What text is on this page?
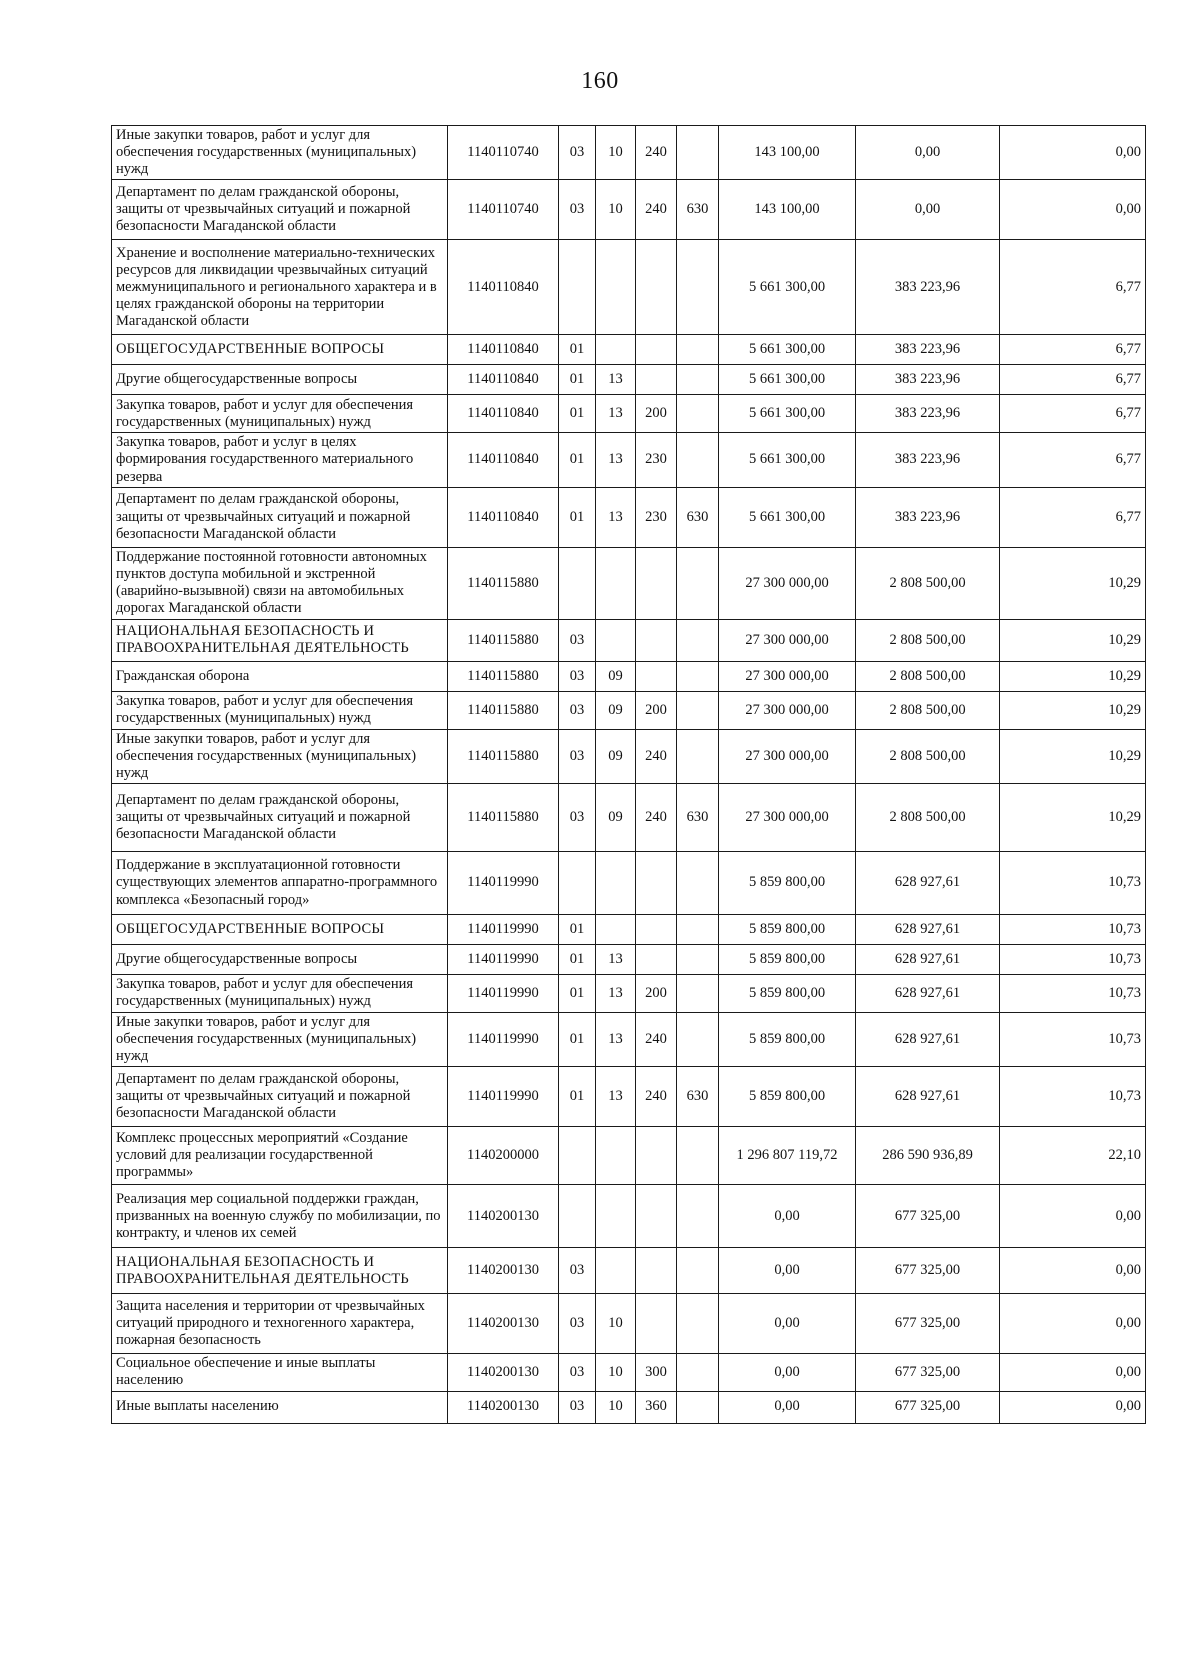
160
Иные закупки товаров, работ и услуг для обеспечения государственных (муниципальных) нужд	1140110740	03	10	240		143 100,00	0,00	0,00
Департамент по делам гражданской обороны, защиты от чрезвычайных ситуаций и пожарной безопасности Магаданской области	1140110740	03	10	240	630	143 100,00	0,00	0,00
Хранение и восполнение материально-технических ресурсов для ликвидации чрезвычайных ситуаций межмуниципального и регионального характера и в целях гражданской обороны на территории Магаданской области	1140110840					5 661 300,00	383 223,96	6,77
ОБЩЕГОСУДАРСТВЕННЫЕ ВОПРОСЫ	1140110840	01				5 661 300,00	383 223,96	6,77
Другие общегосударственные вопросы	1140110840	01	13			5 661 300,00	383 223,96	6,77
Закупка товаров, работ и услуг для обеспечения государственных (муниципальных) нужд	1140110840	01	13	200		5 661 300,00	383 223,96	6,77
Закупка товаров, работ и услуг в целях формирования государственного материального резерва	1140110840	01	13	230		5 661 300,00	383 223,96	6,77
Департамент по делам гражданской обороны, защиты от чрезвычайных ситуаций и пожарной безопасности Магаданской области	1140110840	01	13	230	630	5 661 300,00	383 223,96	6,77
Поддержание постоянной готовности автономных пунктов доступа мобильной и экстренной (аварийно-вызывной) связи на автомобильных дорогах Магаданской области	1140115880					27 300 000,00	2 808 500,00	10,29
НАЦИОНАЛЬНАЯ БЕЗОПАСНОСТЬ И ПРАВООХРАНИТЕЛЬНАЯ ДЕЯТЕЛЬНОСТЬ	1140115880	03				27 300 000,00	2 808 500,00	10,29
Гражданская оборона	1140115880	03	09			27 300 000,00	2 808 500,00	10,29
Закупка товаров, работ и услуг для обеспечения государственных (муниципальных) нужд	1140115880	03	09	200		27 300 000,00	2 808 500,00	10,29
Иные закупки товаров, работ и услуг для обеспечения государственных (муниципальных) нужд	1140115880	03	09	240		27 300 000,00	2 808 500,00	10,29
Департамент по делам гражданской обороны, защиты от чрезвычайных ситуаций и пожарной безопасности Магаданской области	1140115880	03	09	240	630	27 300 000,00	2 808 500,00	10,29
Поддержание в эксплуатационной готовности существующих элементов аппаратно-программного комплекса «Безопасный город»	1140119990					5 859 800,00	628 927,61	10,73
ОБЩЕГОСУДАРСТВЕННЫЕ ВОПРОСЫ	1140119990	01				5 859 800,00	628 927,61	10,73
Другие общегосударственные вопросы	1140119990	01	13			5 859 800,00	628 927,61	10,73
Закупка товаров, работ и услуг для обеспечения государственных (муниципальных) нужд	1140119990	01	13	200		5 859 800,00	628 927,61	10,73
Иные закупки товаров, работ и услуг для обеспечения государственных (муниципальных) нужд	1140119990	01	13	240		5 859 800,00	628 927,61	10,73
Департамент по делам гражданской обороны, защиты от чрезвычайных ситуаций и пожарной безопасности Магаданской области	1140119990	01	13	240	630	5 859 800,00	628 927,61	10,73
Комплекс процессных мероприятий «Создание условий для реализации государственной программы»	1140200000					1 296 807 119,72	286 590 936,89	22,10
Реализация мер социальной поддержки граждан, призванных на военную службу по мобилизации, по контракту, и членов их семей	1140200130					0,00	677 325,00	0,00
НАЦИОНАЛЬНАЯ БЕЗОПАСНОСТЬ И ПРАВООХРАНИТЕЛЬНАЯ ДЕЯТЕЛЬНОСТЬ	1140200130	03				0,00	677 325,00	0,00
Защита населения и территории от чрезвычайных ситуаций природного и техногенного характера, пожарная безопасность	1140200130	03	10			0,00	677 325,00	0,00
Социальное обеспечение и иные выплаты населению	1140200130	03	10	300		0,00	677 325,00	0,00
Иные выплаты населению	1140200130	03	10	360		0,00	677 325,00	0,00
